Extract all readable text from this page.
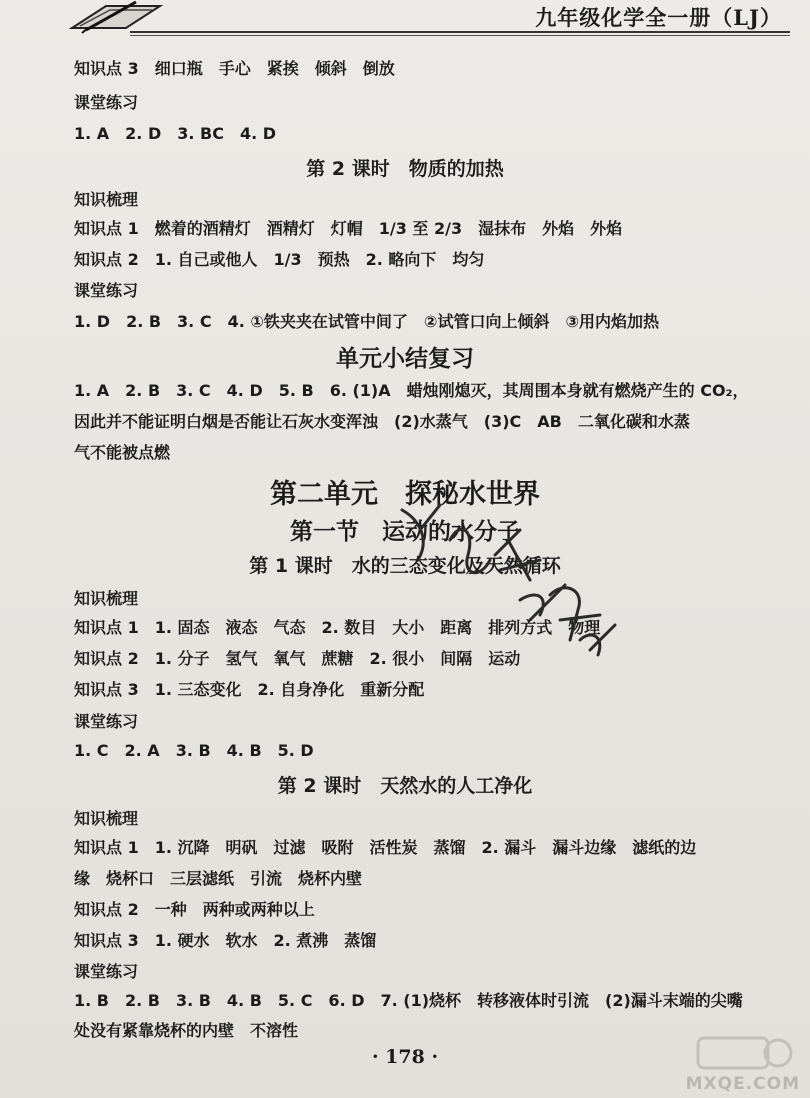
九年级化学全一册（LJ）
知识点 3　 细口瓶　手心　紧挨　倾斜　倒放
课堂练习
1. A　2. D　3. BC　4. D
第 2 课时　物质的加热
知识梳理
知识点 1　 燃着的酒精灯　酒精灯　灯帽　1/3 至 2/3　湿抹布　外焰　外焰
知识点 2　 1. 自己或他人　1/3　预热　2. 略向下　均匀
课堂练习
1. D　2. B　3. C　4. ①铁夹夹在试管中间了　②试管口向上倾斜　③用内焰加热
单元小结复习
1. A　2. B　3. C　4. D　5. B　6. (1)A　蜡烛刚熄灭，其周围本身就有燃烧产生的 CO₂，
因此并不能证明白烟是否能让石灰水变浑浊　(2)水蒸气　(3)C　AB　二氧化碳和水蒸
气不能被点燃
第二单元　探秘水世界
第一节　运动的水分子
第 1 课时　水的三态变化及天然循环
知识梳理
知识点 1　 1. 固态　液态　气态　2. 数目　大小　距离　排列方式　物理
知识点 2　 1. 分子　氢气　氧气　蔗糖　2. 很小　间隔　运动
知识点 3　 1. 三态变化　2. 自身净化　重新分配
课堂练习
1. C　2. A　3. B　4. B　5. D
第 2 课时　天然水的人工净化
知识梳理
知识点 1　 1. 沉降　明矾　过滤　吸附　活性炭　蒸馏　2. 漏斗　漏斗边缘　滤纸的边
缘　烧杯口　三层滤纸　引流　烧杯内壁
知识点 2　 一种　两种或两种以上
知识点 3　 1. 硬水　软水　2. 煮沸　蒸馏
课堂练习
1. B　2. B　3. B　4. B　5. C　6. D　7. (1)烧杯　转移液体时引流　(2)漏斗末端的尖嘴
处没有紧靠烧杯的内壁　不溶性
· 178 ·
MXQE.COM
